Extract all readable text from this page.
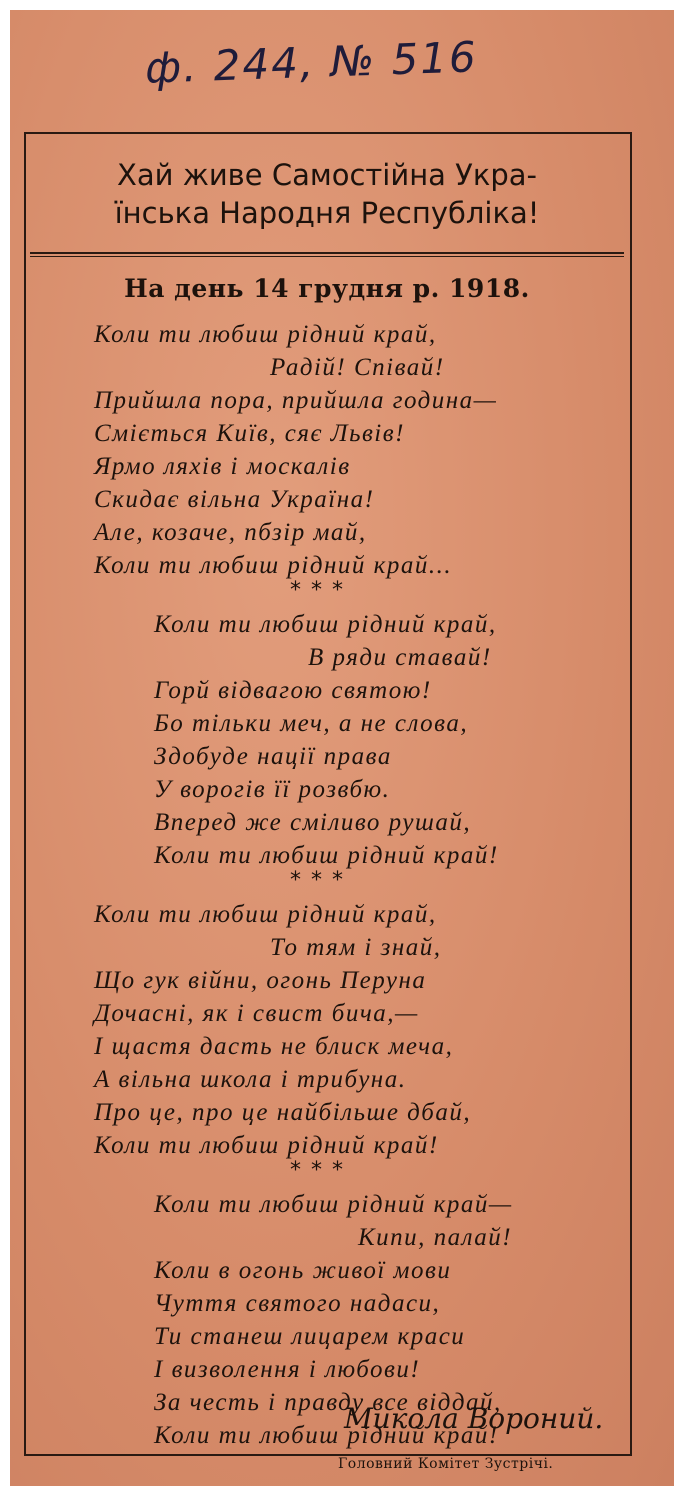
ф. 244, № 516
Хай живе Самостійна Укра-
їнська Народня Республіка!
На день 14 грудня р. 1918.
Коли ти любиш рідний край,
Радій! Співай!
Прийшла пора, прийшла година—
Сміється Київ, сяє Львів!
Ярмо ляхів і москалів
Скидає вільна Україна!
Але, козаче, пбзір май,
Коли ти любиш рідний край...
* * *
Коли ти любиш рідний край,
В ряди ставай!
Горй відвагою святою!
Бо тільки меч, а не слова,
Здобуде нації права
У ворогів її розвбю.
Вперед же сміливо рушай,
Коли ти любиш рідний край!
* * *
Коли ти любиш рідний край,
То тям і знай,
Що гук війни, огонь Перуна
Дочасні, як і свист бича,—
І щастя дасть не блиск меча,
А вільна школа і трибуна.
Про це, про це найбільше дбай,
Коли ти любиш рідний край!
* * *
Коли ти любиш рідний край—
Кипи, палай!
Коли в огонь живої мови
Чуття святого надаси,
Ти станеш лицарем краси
І визволення і любови!
За честь і правду все віддай,
Коли ти любиш рідний край!
Микола Вороний.
Головний Комітет Зустрічі.
